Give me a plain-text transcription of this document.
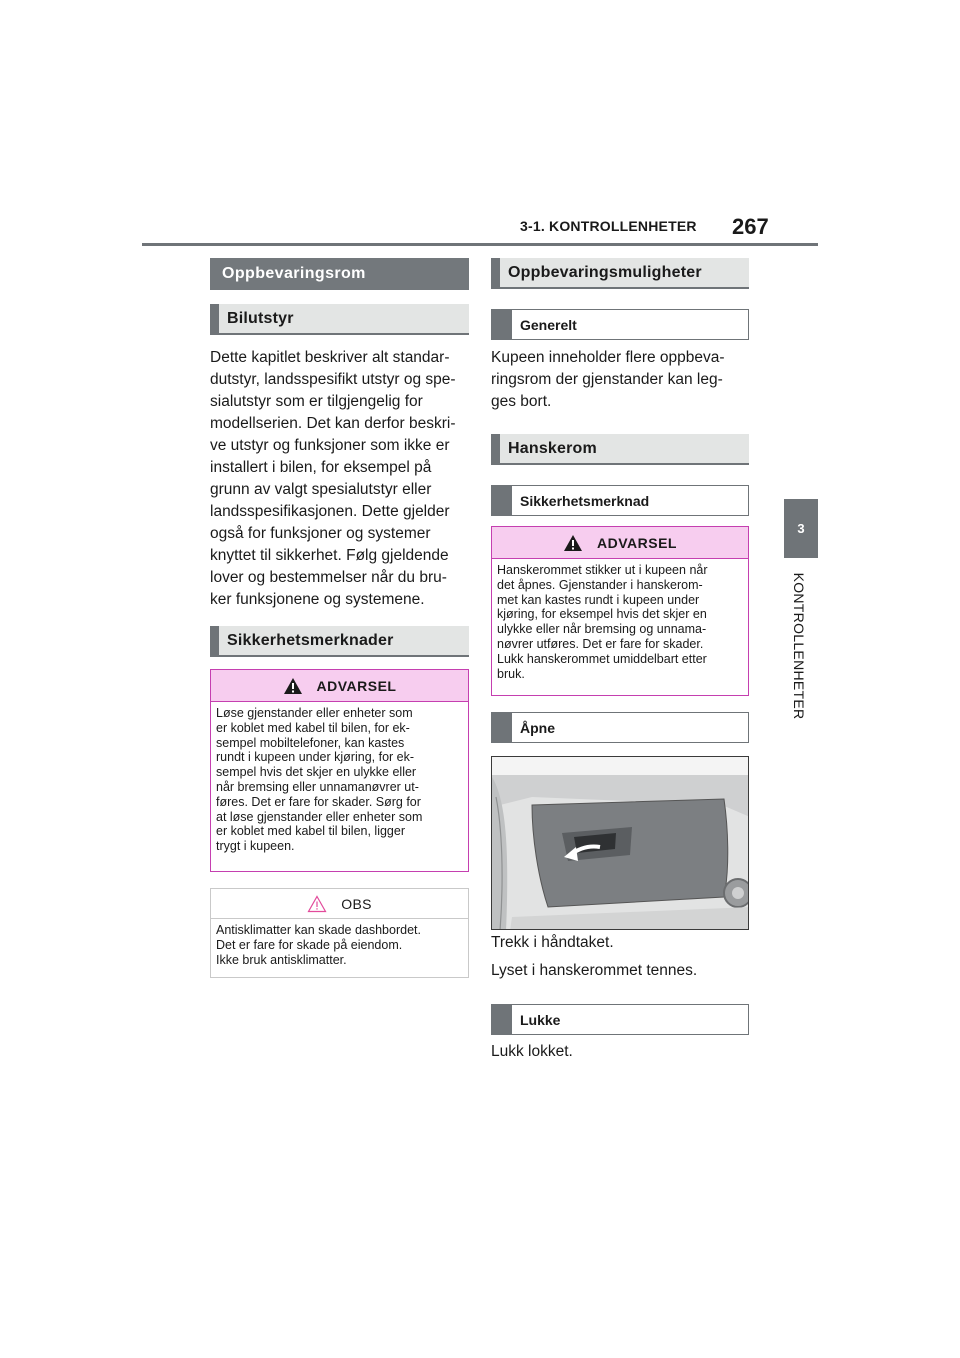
3-1. KONTROLLENHETER 267
3
KONTROLLENHETER
Oppbevaringsrom
Bilutstyr

Dette kapitlet beskriver alt standar-

dutstyr, landsspesifikt utstyr og spe-

sialutstyr som er tilgjengelig for

modellserien. Det kan derfor beskri-

ve utstyr og funksjoner som ikke er

installert i bilen, for eksempel på

grunn av valgt spesialutstyr eller

landsspesifikasjonen. Dette gjelder

også for funksjoner og systemer

knyttet til sikkerhet. Følg gjeldende

lover og bestemmelser når du bru-

ker funksjonene og systemene.

Sikkerhetsmerknader
ADVARSEL
Løse gjenstander eller enheter som
er koblet med kabel til bilen, for ek-
sempel mobiltelefoner, kan kastes
rundt i kupeen under kjøring, for ek-
sempel hvis det skjer en ulykke eller
når bremsing eller unnamanøvrer ut-
føres. Det er fare for skader. Sørg for
at løse gjenstander eller enheter som
er koblet med kabel til bilen, ligger
trygt i kupeen.
OBS
Antisklimatter kan skade dashbordet.
Det er fare for skade på eiendom.
Ikke bruk antisklimatter.
Oppbevaringsmuligheter
Generelt

Kupeen inneholder flere oppbeva-

ringsrom der gjenstander kan leg-

ges bort.

Hanskerom
Sikkerhetsmerknad
ADVARSEL
Hanskerommet stikker ut i kupeen når
det åpnes. Gjenstander i hanskerom-
met kan kastes rundt i kupeen under
kjøring, for eksempel hvis det skjer en
ulykke eller når bremsing og unnama-
nøvrer utføres. Det er fare for skader.
Lukk hanskerommet umiddelbart etter
bruk.
Åpne
Trekk i håndtaket.
Lyset i hanskerommet tennes.
Lukke
Lukk lokket.
